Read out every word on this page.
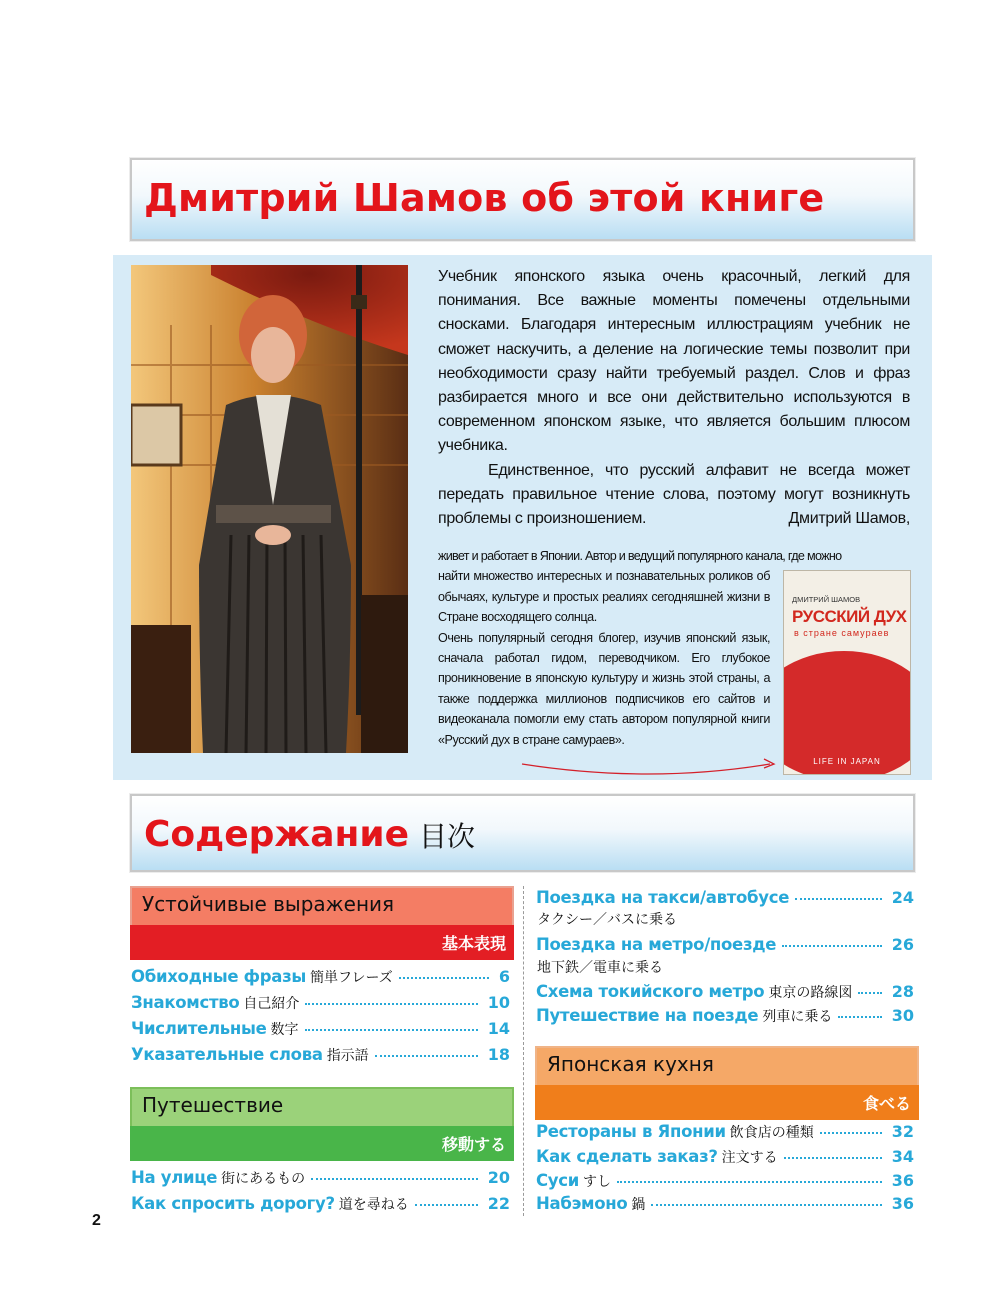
Дмитрий Шамов об этой книге

Учебник японского языка очень красочный, легкий для понимания. Все важные моменты помечены отдельными сносками. Благодаря интересным иллюстрациям учебник не сможет наскучить, а деление на логические темы позволит при необходимости сразу найти требуемый раздел. Слов и фраз разбирается много и все они действительно используются в современном японском языке, что является большим плюсом учебника.

Единственное, что русский алфавит не всегда может передать правильное чтение слова, поэтому могут возникнуть проблемы с произношением.	Дмитрий Шамов,

живет и работает в Японии. Автор и ведущий популярного канала, где можно

найти множество интересных и познавательных роликов об обычаях, культуре и простых реалиях сегодняшней жизни в Стране восходящего солнца.

Очень популярный сегодня блогер, изучив японский язык, сначала работал гидом, переводчиком. Его глубокое проникновение в японскую культуру и жизнь этой страны, а также поддержка миллионов подписчиков его сайтов и видеоканала помогли ему стать автором популярной книги «Русский дух в стране самураев».

ДМИТРИЙ ШАМОВ
РУССКИЙ ДУХ
в стране самураев
LIFE IN JAPAN
Содержание 目次
Устойчивые выражения
基本表現
Обиходные фразы 簡単フレーズ	6
Знакомство 自己紹介	10
Числительные 数字	14
Указательные слова 指示語	18
Путешествие
移動する
На улице 街にあるもの	20
Как спросить дорогу? 道を尋ねる	22
Поездка на такси/автобусе	24
タクシー／バスに乗る
Поездка на метро/поезде	26
地下鉄／電車に乗る
Схема токийского метро 東京の路線図 28
Путешествие на поезде 列車に乗る	30
Японская кухня
食べる
Рестораны в Японии 飲食店の種類	32
Как сделать заказ? 注文する	34
Суси すし	36
Набэмоно 鍋	36
2
